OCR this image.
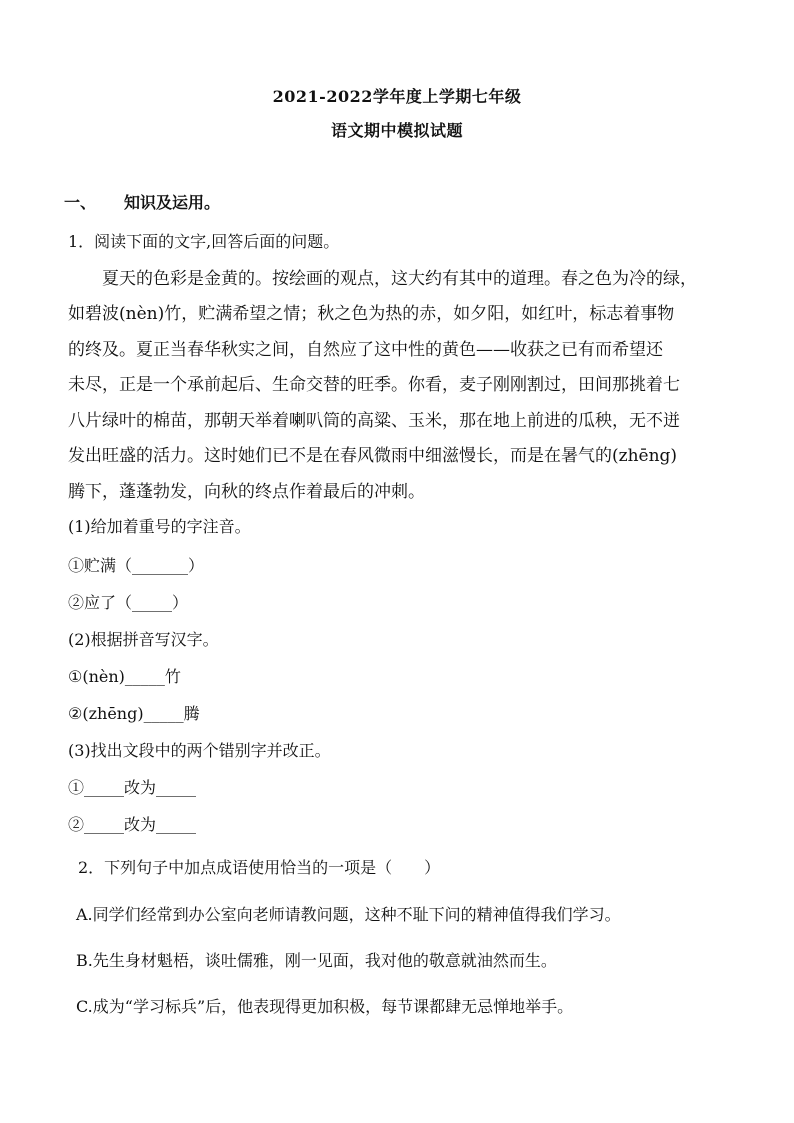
2021-2022学年度上学期七年级
语文期中模拟试题
一、 知识及运用。
1．阅读下面的文字,回答后面的问题。
　　夏天的色彩是金黄的。按绘画的观点，这大约有其中的道理。春之色为冷的绿，
如碧波(nèn)竹，贮满希望之情；秋之色为热的赤，如夕阳，如红叶，标志着事物
的终及。夏正当春华秋实之间，自然应了这中性的黄色——收获之已有而希望还
未尽，正是一个承前起后、生命交替的旺季。你看，麦子刚刚割过，田间那挑着七
八片绿叶的棉苗，那朝天举着喇叭筒的高粱、玉米，那在地上前进的瓜秧，无不迸
发出旺盛的活力。这时她们已不是在春风微雨中细滋慢长，而是在暑气的(zhēng)
腾下，蓬蓬勃发，向秋的终点作着最后的冲刺。
(1)给加着重号的字注音。
①贮满（_______）
②应了（_____）
(2)根据拼音写汉字。
①(nèn)_____竹
②(zhēng)_____腾
(3)找出文段中的两个错别字并改正。
①_____改为_____
②_____改为_____
2．下列句子中加点成语使用恰当的一项是（　　）
A.同学们经常到办公室向老师请教问题，这种不耻下问的精神值得我们学习。
B.先生身材魁梧，谈吐儒雅，刚一见面，我对他的敬意就油然而生。
C.成为“学习标兵”后，他表现得更加积极，每节课都肆无忌惮地举手。
